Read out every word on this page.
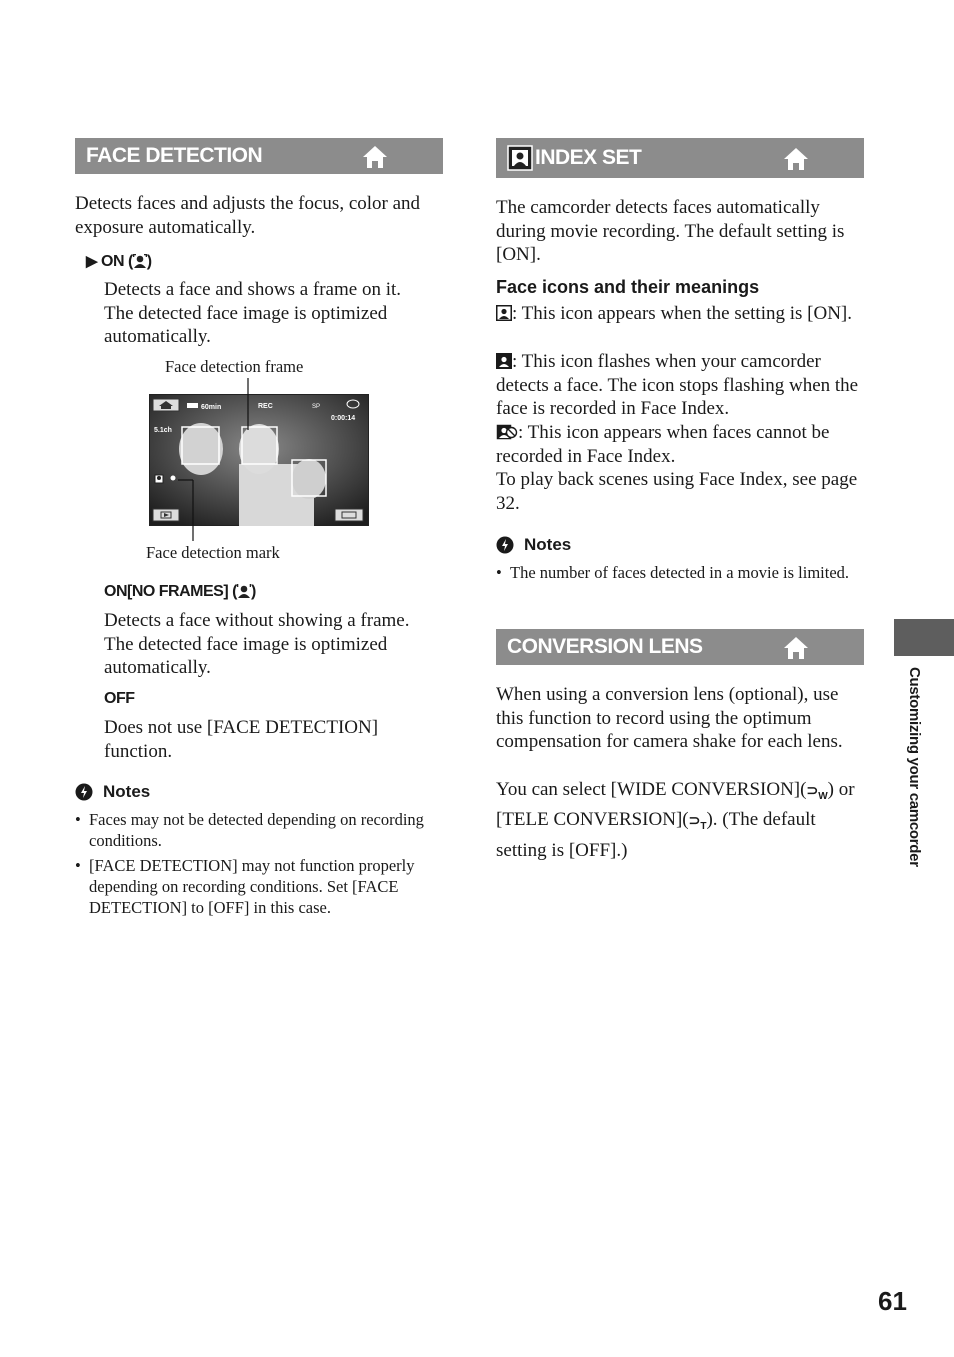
FACE DETECTION
Detects faces and adjusts the focus, color and exposure automatically.
▶ ON ( )
Detects a face and shows a frame on it. The detected face image is optimized automatically.
Face detection frame
60min	REC	SP
0:00:14
5.1ch
Face detection mark
ON[NO FRAMES] ( )
Detects a face without showing a frame. The detected face image is optimized automatically.
OFF
Does not use [FACE DETECTION] function.
Notes
• Faces may not be detected depending on recording conditions.
• [FACE DETECTION] may not function properly depending on recording conditions. Set [FACE DETECTION] to [OFF] in this case.
INDEX SET
The camcorder detects faces automatically during movie recording. The default setting is [ON].
Face icons and their meanings
: This icon appears when the setting is [ON].
: This icon flashes when your camcorder detects a face. The icon stops flashing when the face is recorded in Face Index.
: This icon appears when faces cannot be recorded in Face Index.
To play back scenes using Face Index, see page 32.
Notes
• The number of faces detected in a movie is limited.
CONVERSION LENS
When using a conversion lens (optional), use this function to record using the optimum compensation for camera shake for each lens.
You can select [WIDE $CONVERSION](⊃_W)$ or [TELE $CONVERSION](⊃_T)$. (The default setting is [OFF].)	Customizing your camcorder
61
